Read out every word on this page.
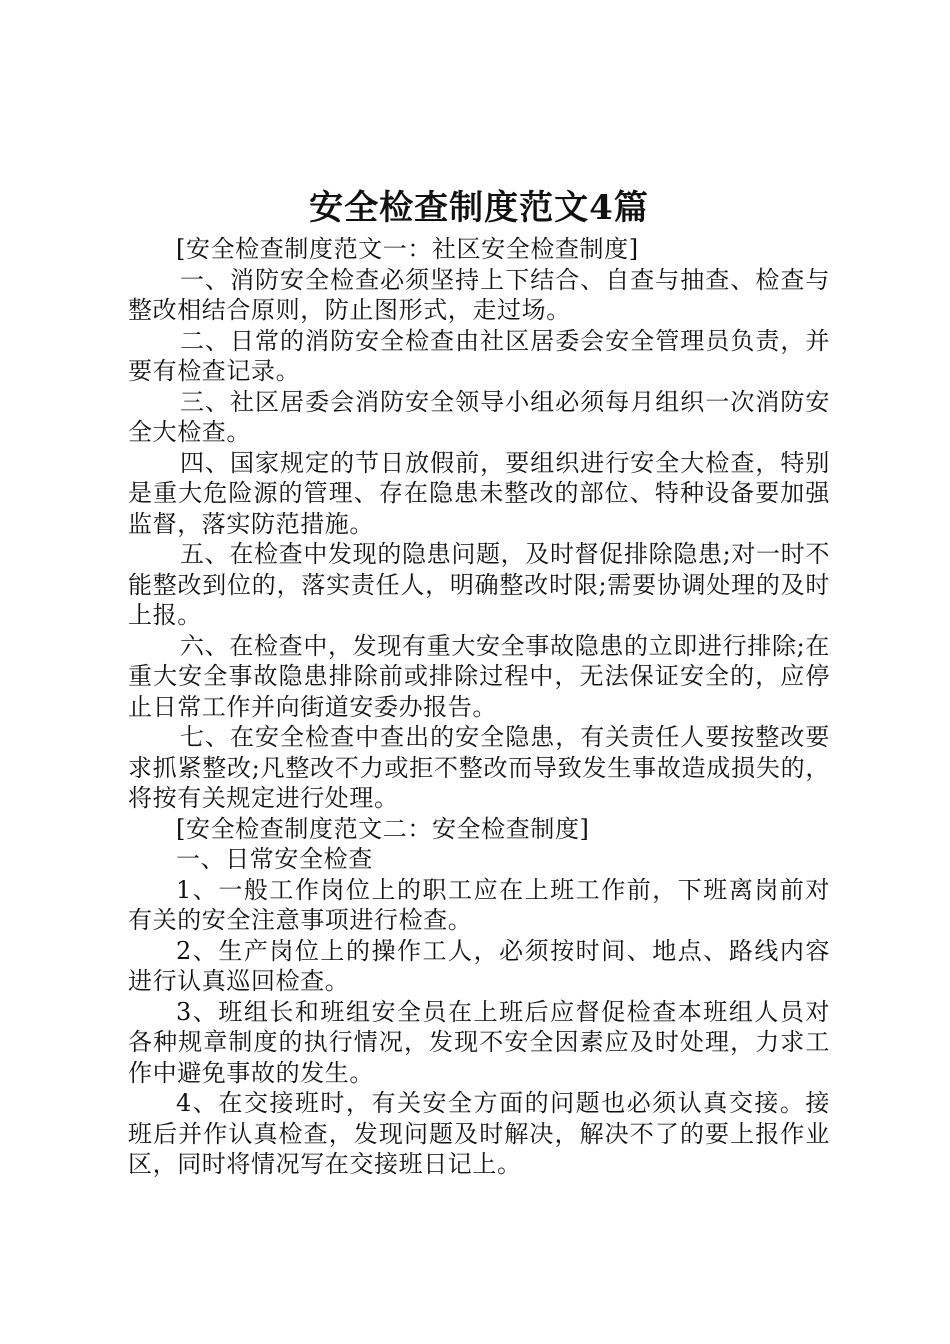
安全检查制度范文4篇

[安全检查制度范文一：社区安全检查制度]

一、消防安全检查必须坚持上下结合、自查与抽查、检查与整改相结合原则，防止图形式，走过场。

二、日常的消防安全检查由社区居委会安全管理员负责，并要有检查记录。

三、社区居委会消防安全领导小组必须每月组织一次消防安全大检查。

四、国家规定的节日放假前，要组织进行安全大检查，特别是重大危险源的管理、存在隐患未整改的部位、特种设备要加强监督，落实防范措施。

五、在检查中发现的隐患问题，及时督促排除隐患;对一时不能整改到位的，落实责任人，明确整改时限;需要协调处理的及时上报。

六、在检查中，发现有重大安全事故隐患的立即进行排除;在重大安全事故隐患排除前或排除过程中，无法保证安全的，应停止日常工作并向街道安委办报告。

七、在安全检查中查出的安全隐患，有关责任人要按整改要求抓紧整改;凡整改不力或拒不整改而导致发生事故造成损失的，将按有关规定进行处理。

[安全检查制度范文二：安全检查制度]

一、日常安全检查

1、一般工作岗位上的职工应在上班工作前，下班离岗前对有关的安全注意事项进行检查。

2、生产岗位上的操作工人，必须按时间、地点、路线内容进行认真巡回检查。

3、班组长和班组安全员在上班后应督促检查本班组人员对各种规章制度的执行情况，发现不安全因素应及时处理，力求工作中避免事故的发生。

4、在交接班时，有关安全方面的问题也必须认真交接。接班后并作认真检查，发现问题及时解决，解决不了的要上报作业区，同时将情况写在交接班日记上。
